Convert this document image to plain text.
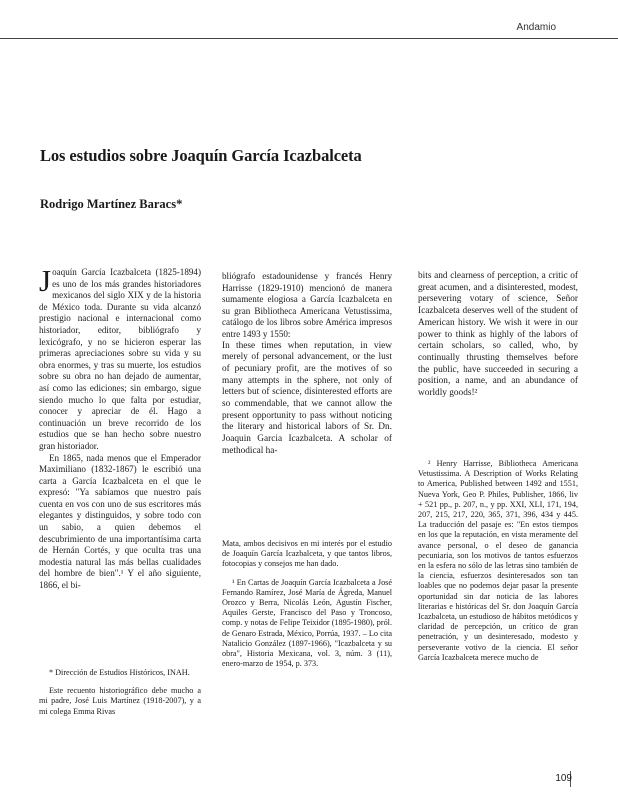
Andamio
Los estudios sobre Joaquín García Icazbalceta
Rodrigo Martínez Baracs*

J oaquín García Icazbalceta (1825-1894) es uno de los más grandes historiadores mexicanos del siglo XIX y de la historia de México toda. Durante su vida alcanzó prestigio nacional e internacional como historiador, editor, bibliógrafo y lexicógrafo, y no se hicieron esperar las primeras apreciaciones sobre su vida y su obra enormes, y tras su muerte, los estudios sobre su obra no han dejado de aumentar, así como las ediciones; sin embargo, sigue siendo mucho lo que falta por estudiar, conocer y apreciar de él. Hago a continuación un breve recorrido de los estudios que se han hecho sobre nuestro gran historiador.

En 1865, nada menos que el Emperador Maximiliano (1832-1867) le escribió una carta a García Icazbalceta en el que le expresó: "Ya sabíamos que nuestro país cuenta en vos con uno de sus escritores más elegantes y distinguidos, y sobre todo con un sabio, a quien debemos el descubrimiento de una importantísima carta de Hernán Cortés, y que oculta tras una modestia natural las más bellas cualidades del hombre de bien".¹ Y el año siguiente, 1866, el bi-

bliógrafo estadounidense y francés Henry Harrisse (1829-1910) mencionó de manera sumamente elogiosa a García Icazbalceta en su gran Bibliotheca Americana Vetustissima, catálogo de los libros sobre América impresos entre 1493 y 1550:

In these times when reputation, in view merely of personal advancement, or the lust of pecuniary profit, are the motives of so many attempts in the sphere, not only of letters but of science, disinterested efforts are so commendable, that we cannot allow the present opportunity to pass without noticing the literary and historical labors of Sr. Dn. Joaquin Garcia Icazbalceta. A scholar of methodical ha-

bits and clearness of perception, a critic of great acumen, and a disinterested, modest, persevering votary of science, Señor Icazbalceta deserves well of the student of American history. We wish it were in our power to think as highly of the labors of certain scholars, so called, who, by continually thrusting themselves before the public, have succeeded in securing a position, a name, and an abundance of worldly goods!²

* Dirección de Estudios Históricos, INAH.

Este recuento historiográfico debe mucho a mi padre, José Luis Martínez (1918-2007), y a mi colega Emma Rivas

Mata, ambos decisivos en mi interés por el estudio de Joaquín García Icazbalceta, y que tantos libros, fotocopias y consejos me han dado.

¹ En Cartas de Joaquín García Icazbalceta a José Fernando Ramírez, José María de Ágreda, Manuel Orozco y Berra, Nicolás León, Agustín Fischer, Aquiles Gerste, Francisco del Paso y Troncoso, comp. y notas de Felipe Teixidor (1895-1980), pról. de Genaro Estrada, México, Porrúa, 1937. – Lo cita Natalicio González (1897-1966), "Icazbalceta y su obra", Historia Mexicana, vol. 3, núm. 3 (11), enero-marzo de 1954, p. 373.

² Henry Harrisse, Bibliotheca Americana Vetustissima. A Description of Works Relating to America, Published between 1492 and 1551, Nueva York, Geo P. Philes, Publisher, 1866, liv + 521 pp., p. 207, n., y pp. XXI, XLI, 171, 194, 207, 215, 217, 220, 365, 371, 396, 434 y 445. La traducción del pasaje es: "En estos tiempos en los que la reputación, en vista meramente del avance personal, o el deseo de ganancia pecuniaria, son los motivos de tantos esfuerzos en la esfera no sólo de las letras sino también de la ciencia, esfuerzos desinteresados son tan loables que no podemos dejar pasar la presente oportunidad sin dar noticia de las labores literarias e históricas del Sr. don Joaquín García Icazbalceta, un estudioso de hábitos metódicos y claridad de percepción, un crítico de gran penetración, y un desinteresado, modesto y perseverante votivo de la ciencia. El señor García Icazbalceta merece mucho de

109
